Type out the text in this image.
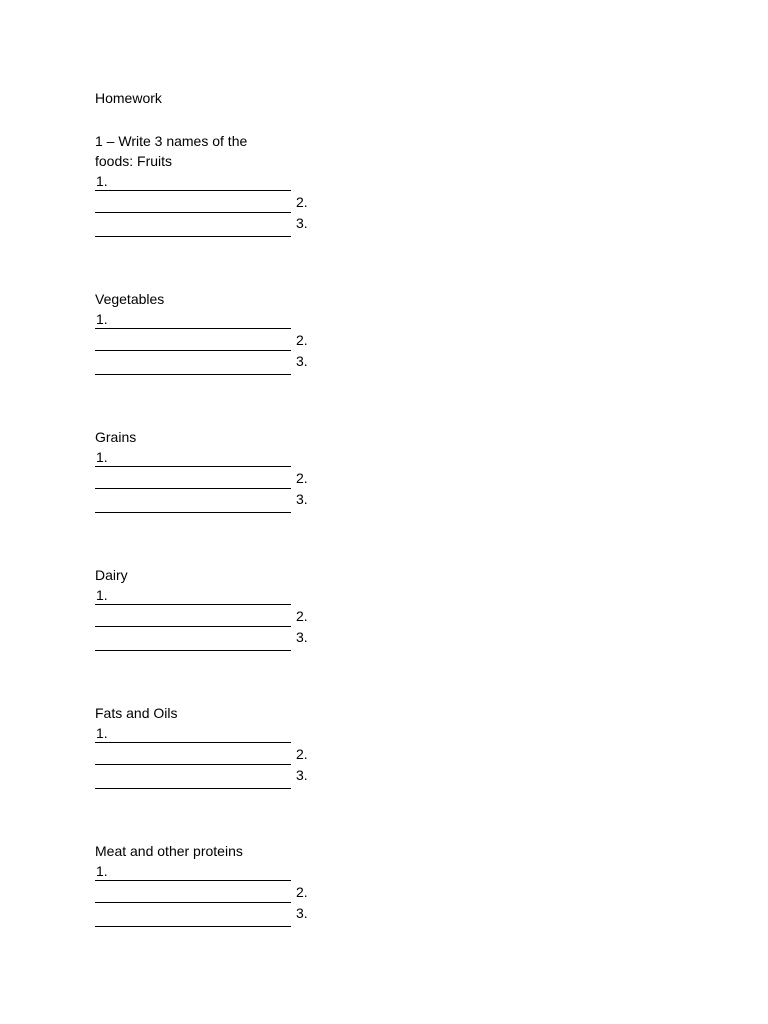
Homework
1 – Write 3 names of the foods: Fruits
1.
2.
3.
Vegetables
1.
2.
3.
Grains
1.
2.
3.
Dairy
1.
2.
3.
Fats and Oils
1.
2.
3.
Meat and other proteins
1.
2.
3.
